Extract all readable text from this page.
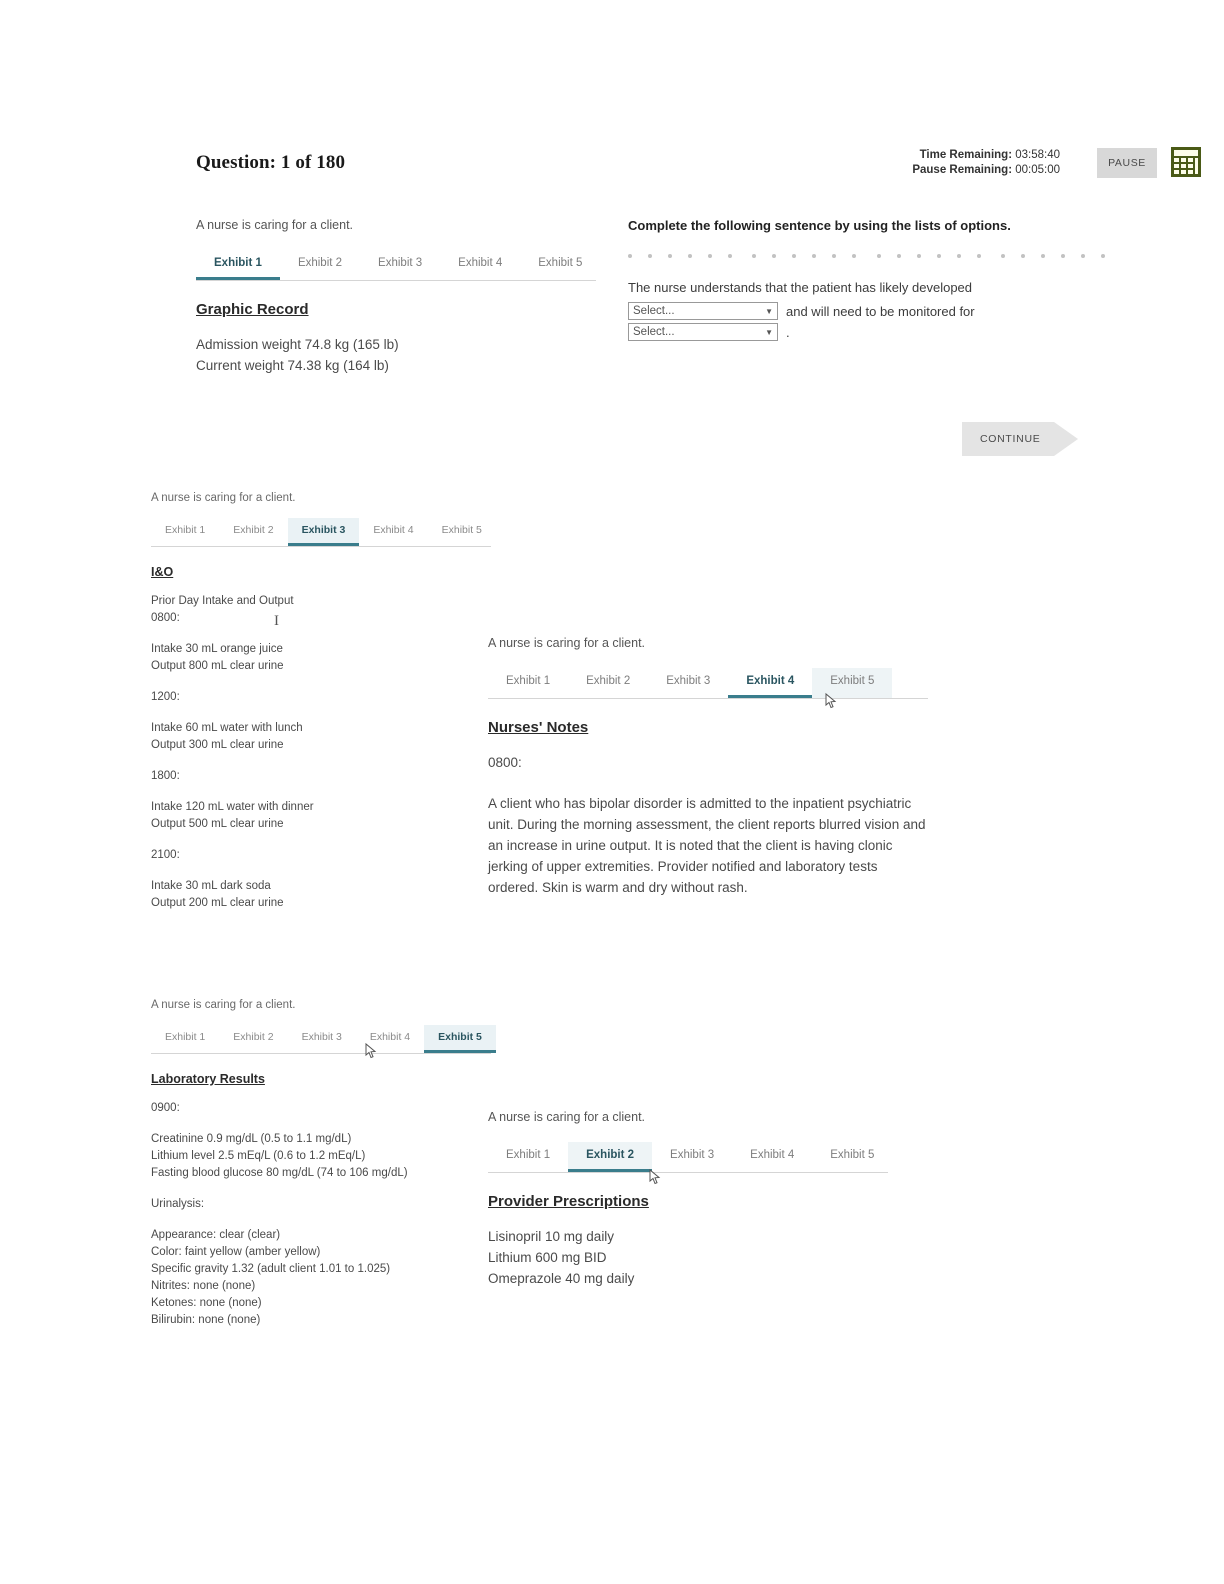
Question: 1 of 180	Time Remaining: 03:58:40
Pause Remaining: 00:05:00
PAUSE
A nurse is caring for a client.
Exhibit 1	Exhibit 2	Exhibit 3	Exhibit 4	Exhibit 5
Graphic Record
Admission weight 74.8 kg (165 lb)
Current weight 74.38 kg (164 lb)
Complete the following sentence by using the lists of options.

The nurse understands that the patient has likely developed
Select...	▼ and will need to be monitored for
Select...	▼ .
CONTINUE
A nurse is caring for a client.
Exhibit 1	Exhibit 2	Exhibit 3	Exhibit 4	Exhibit 5
I&O
Prior Day Intake and Output
0800:
Intake 30 mL orange juice
Output 800 mL clear urine
1200:
Intake 60 mL water with lunch
Output 300 mL clear urine
1800:
Intake 120 mL water with dinner
Output 500 mL clear urine
2100:
Intake 30 mL dark soda
Output 200 mL clear urine
I
A nurse is caring for a client.
Exhibit 1	Exhibit 2	Exhibit 3	Exhibit 4	Exhibit 5
Nurses' Notes
0800:
A client who has bipolar disorder is admitted to the inpatient psychiatric unit. During the morning assessment, the client reports blurred vision and an increase in urine output. It is noted that the client is having clonic jerking of upper extremities. Provider notified and laboratory tests ordered. Skin is warm and dry without rash.
A nurse is caring for a client.
Exhibit 1	Exhibit 2	Exhibit 3	Exhibit 4	Exhibit 5
Laboratory Results
0900:
Creatinine 0.9 mg/dL (0.5 to 1.1 mg/dL)
Lithium level 2.5 mEq/L (0.6 to 1.2 mEq/L)
Fasting blood glucose 80 mg/dL (74 to 106 mg/dL)
Urinalysis:
Appearance: clear (clear)
Color: faint yellow (amber yellow)
Specific gravity 1.32 (adult client 1.01 to 1.025)
Nitrites: none (none)
Ketones: none (none)
Bilirubin: none (none)
A nurse is caring for a client.
Exhibit 1	Exhibit 2	Exhibit 3	Exhibit 4	Exhibit 5
Provider Prescriptions
Lisinopril 10 mg daily
Lithium 600 mg BID
Omeprazole 40 mg daily
